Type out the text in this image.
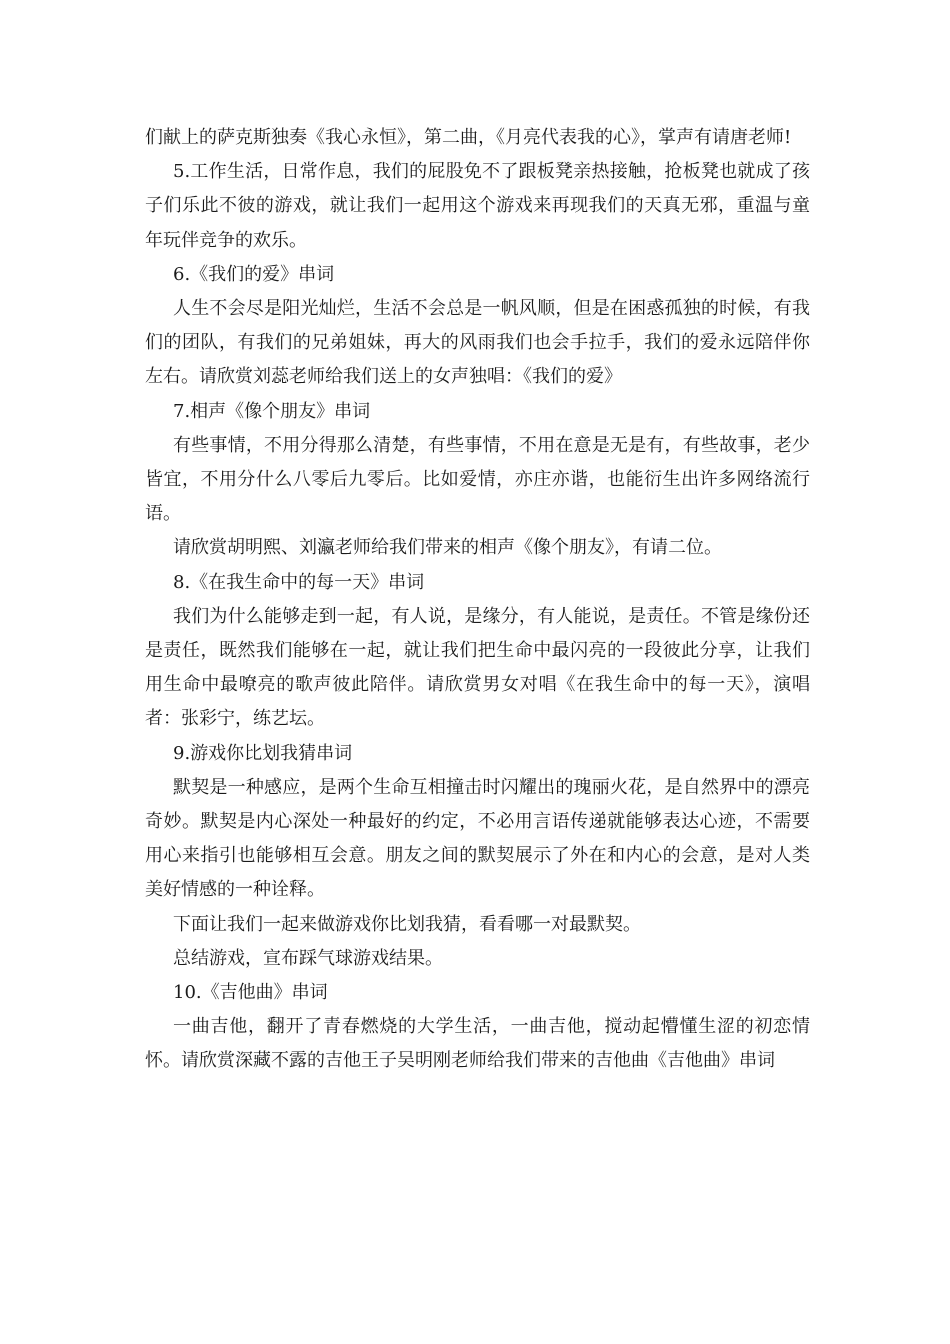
们献上的萨克斯独奏《我心永恒》，第二曲，《月亮代表我的心》，掌声有请唐老师!

5.工作生活，日常作息，我们的屁股免不了跟板凳亲热接触，抢板凳也就成了孩子们乐此不彼的游戏，就让我们一起用这个游戏来再现我们的天真无邪，重温与童年玩伴竞争的欢乐。

6.《我们的爱》串词

人生不会尽是阳光灿烂，生活不会总是一帆风顺，但是在困惑孤独的时候，有我们的团队，有我们的兄弟姐妹，再大的风雨我们也会手拉手，我们的爱永远陪伴你左右。请欣赏刘蕊老师给我们送上的女声独唱：《我们的爱》

7.相声《像个朋友》串词

有些事情，不用分得那么清楚，有些事情，不用在意是无是有，有些故事，老少皆宜，不用分什么八零后九零后。比如爱情，亦庄亦谐，也能衍生出许多网络流行语。

请欣赏胡明熙、刘瀛老师给我们带来的相声《像个朋友》，有请二位。

8.《在我生命中的每一天》串词

我们为什么能够走到一起，有人说，是缘分，有人能说，是责任。不管是缘份还是责任，既然我们能够在一起，就让我们把生命中最闪亮的一段彼此分享，让我们用生命中最嘹亮的歌声彼此陪伴。请欣赏男女对唱《在我生命中的每一天》，演唱者：张彩宁，练艺坛。

9.游戏你比划我猜串词

默契是一种感应，是两个生命互相撞击时闪耀出的瑰丽火花，是自然界中的漂亮奇妙。默契是内心深处一种最好的约定，不必用言语传递就能够表达心迹，不需要用心来指引也能够相互会意。朋友之间的默契展示了外在和内心的会意，是对人类美好情感的一种诠释。

下面让我们一起来做游戏你比划我猜，看看哪一对最默契。

总结游戏，宣布踩气球游戏结果。

10.《吉他曲》串词

一曲吉他，翻开了青春燃烧的大学生活，一曲吉他，搅动起懵懂生涩的初恋情怀。请欣赏深藏不露的吉他王子吴明刚老师给我们带来的吉他曲《吉他曲》串词
